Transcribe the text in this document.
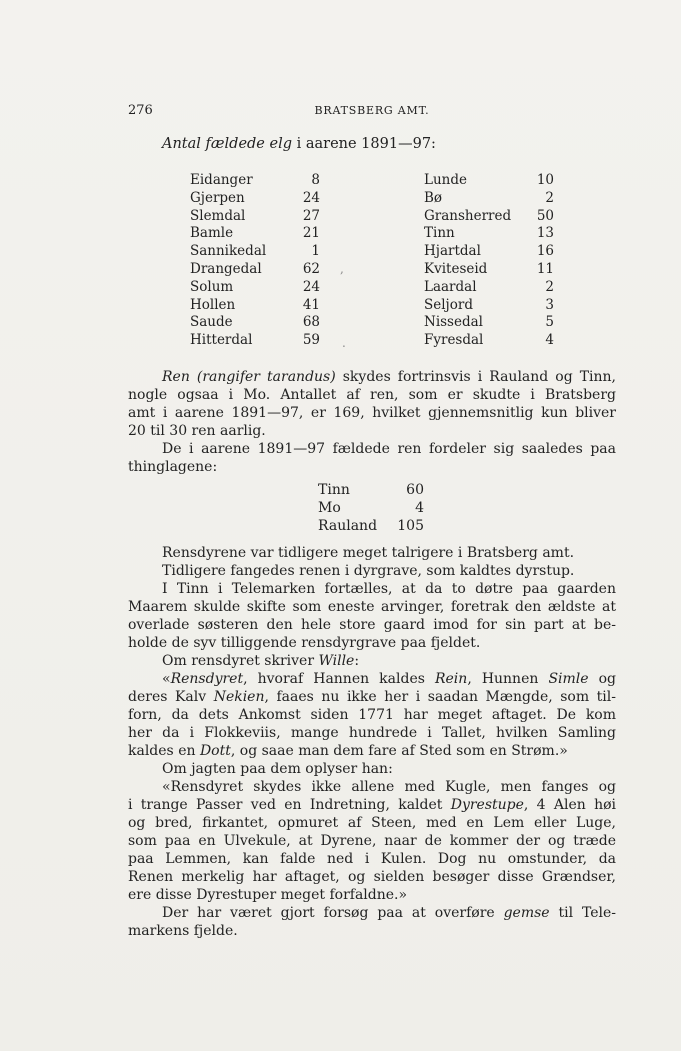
276	BRATSBERG AMT.
Antal fældede elg i aarene 1891—97:
Eidanger	8
Gjerpen	24
Slemdal	27
Bamle	21
Sannikedal	1
Drangedal	62
Solum	24
Hollen	41
Saude	68
Hitterdal	59
Lunde	10
Bø	2
Gransherred 50
Tinn	13
Hjartdal	16
Kviteseid	11
Laardal	2
Seljord	3
Nissedal	5
Fyresdal	4
,
.

Ren (rangifer tarandus) skydes fortrinsvis i Rauland og Tinn,

nogle ogsaa i Mo. Antallet af ren, som er skudte i Bratsberg

amt i aarene 1891—97, er 169, hvilket gjennemsnitlig kun bliver

20 til 30 ren aarlig.

De i aarene 1891—97 fældede ren fordeler sig saaledes paa

thinglagene:

Tinn	60
Mo	4
Rauland 105

Rensdyrene var tidligere meget talrigere i Bratsberg amt.

Tidligere fangedes renen i dyrgrave, som kaldtes dyrstup.

I Tinn i Telemarken fortælles, at da to døtre paa gaarden

Maarem skulde skifte som eneste arvinger, foretrak den ældste at

overlade søsteren den hele store gaard imod for sin part at be-

holde de syv tilliggende rensdyrgrave paa fjeldet.

Om rensdyret skriver Wille:

«Rensdyret, hvoraf Hannen kaldes Rein, Hunnen Simle og

deres Kalv Nekien, faaes nu ikke her i saadan Mængde, som til-

forn, da dets Ankomst siden 1771 har meget aftaget. De kom

her da i Flokkeviis, mange hundrede i Tallet, hvilken Samling

kaldes en Dott, og saae man dem fare af Sted som en Strøm.»

Om jagten paa dem oplyser han:

«Rensdyret skydes ikke allene med Kugle, men fanges og

i trange Passer ved en Indretning, kaldet Dyrestupe, 4 Alen høi

og bred, firkantet, opmuret af Steen, med en Lem eller Luge,

som paa en Ulvekule, at Dyrene, naar de kommer der og træde

paa Lemmen, kan falde ned i Kulen. Dog nu omstunder, da

Renen merkelig har aftaget, og sielden besøger disse Grændser,

ere disse Dyrestuper meget forfaldne.»

Der har været gjort forsøg paa at overføre gemse til Tele-

markens fjelde.
